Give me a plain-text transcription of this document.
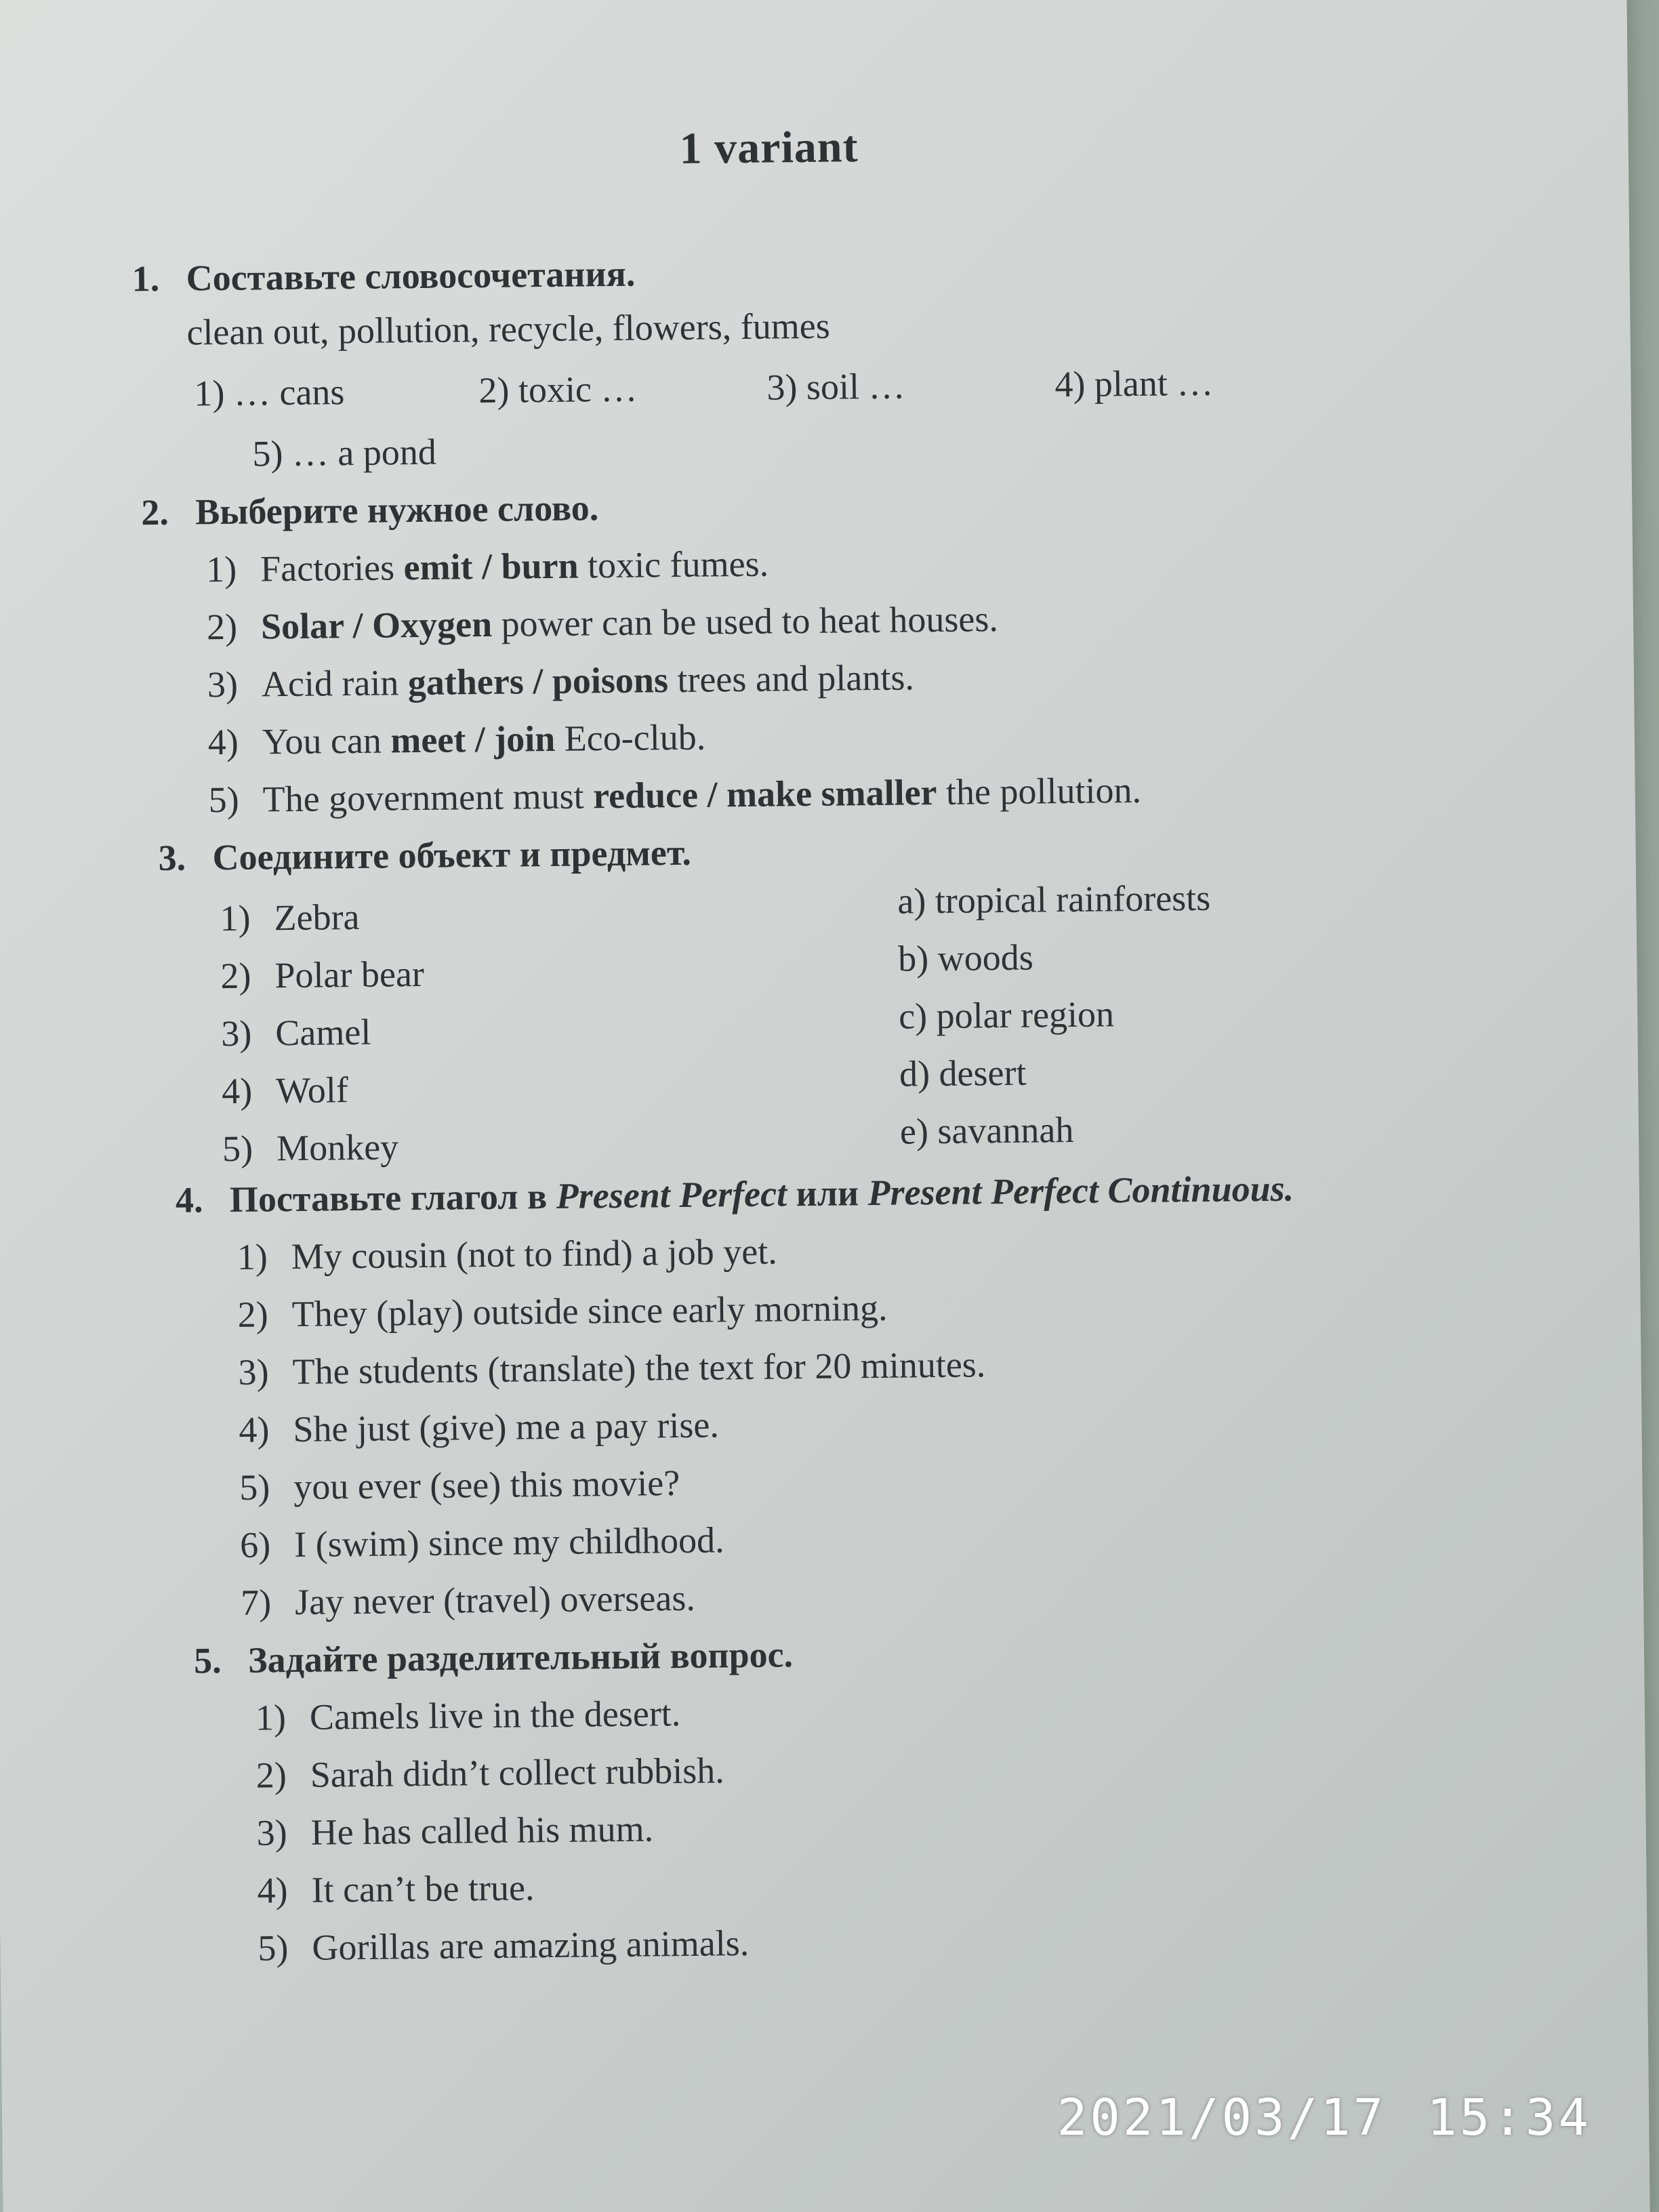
1 variant
1. Составьте словосочетания.
clean out, pollution, recycle, flowers, fumes
1) … cans	2) toxic …	3) soil …	4) plant …
5) … a pond
2. Выберите нужное слово.
1) Factories emit / burn toxic fumes.
2) Solar / Oxygen power can be used to heat houses.
3) Acid rain gathers / poisons trees and plants.
4) You can meet / join Eco-club.
5) The government must reduce / make smaller the pollution.
3. Соедините объект и предмет.
1) Zebra
2) Polar bear
3) Camel
4) Wolf
5) Monkey
a) tropical rainforests
b) woods
c) polar region
d) desert
e) savannah
4. Поставьте глагол в Present Perfect или Present Perfect Continuous.
1) My cousin (not to find) a job yet.
2) They (play) outside since early morning.
3) The students (translate) the text for 20 minutes.
4) She just (give) me a pay rise.
5) you ever (see) this movie?
6) I (swim) since my childhood.
7) Jay never (travel) overseas.
5. Задайте разделительный вопрос.
1) Camels live in the desert.
2) Sarah didn’t collect rubbish.
3) He has called his mum.
4) It can’t be true.
5) Gorillas are amazing animals.
2021/03/17 15:34
